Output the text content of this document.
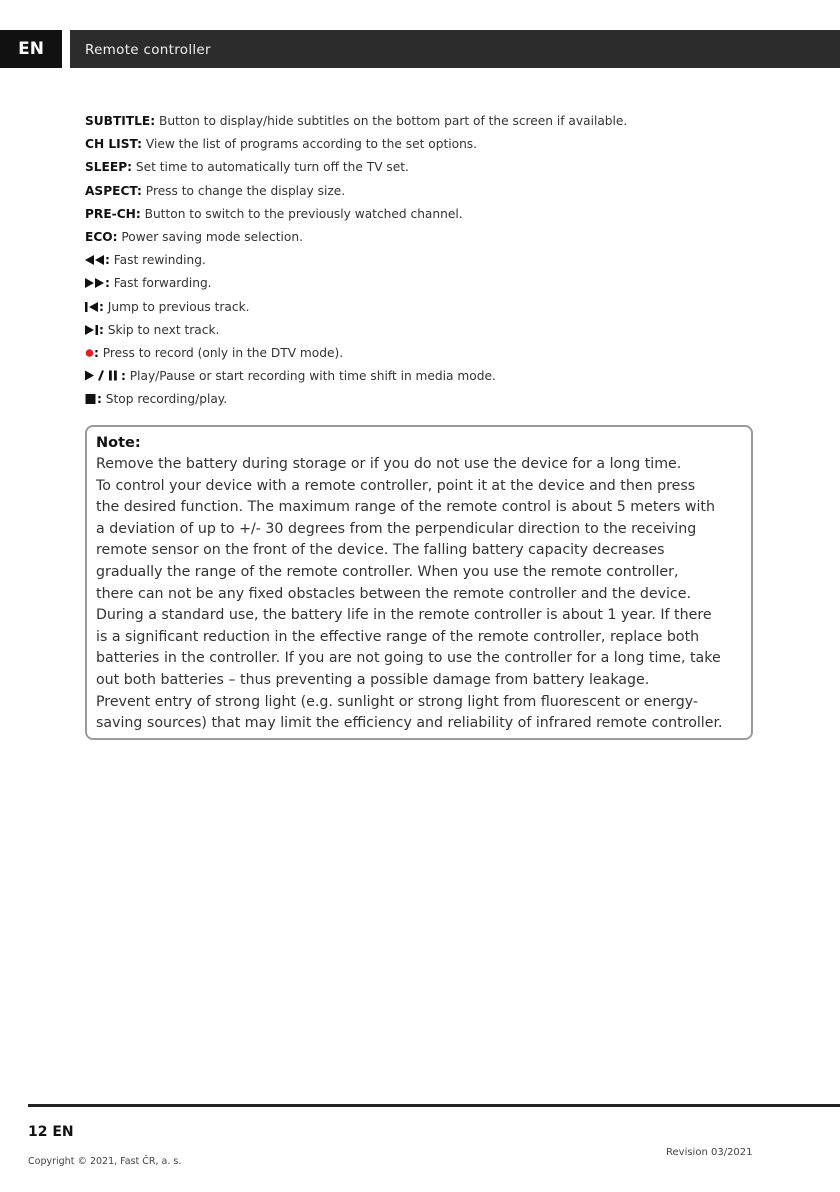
EN	Remote controller
SUBTITLE: Button to display/hide subtitles on the bottom part of the screen if available.
CH LIST: View the list of programs according to the set options.
SLEEP: Set time to automatically turn off the TV set.
ASPECT: Press to change the display size.
PRE-CH: Button to switch to the previously watched channel.
ECO: Power saving mode selection.
: Fast rewinding.
: Fast forwarding.
: Jump to previous track.
: Skip to next track.
: Press to record (only in the DTV mode).
: Play/Pause or start recording with time shift in media mode.
: Stop recording/play.
Note:
Remove the battery during storage or if you do not use the device for a long time.
To control your device with a remote controller, point it at the device and then press
the desired function. The maximum range of the remote control is about 5 meters with
a deviation of up to +/- 30 degrees from the perpendicular direction to the receiving
remote sensor on the front of the device. The falling battery capacity decreases
gradually the range of the remote controller. When you use the remote controller,
there can not be any fixed obstacles between the remote controller and the device.
During a standard use, the battery life in the remote controller is about 1 year. If there
is a significant reduction in the effective range of the remote controller, replace both
batteries in the controller. If you are not going to use the controller for a long time, take
out both batteries – thus preventing a possible damage from battery leakage.
Prevent entry of strong light (e.g. sunlight or strong light from fluorescent or energy-
saving sources) that may limit the efficiency and reliability of infrared remote controller.
12 EN
Copyright © 2021, Fast ČR, a. s.
Revision 03/2021
